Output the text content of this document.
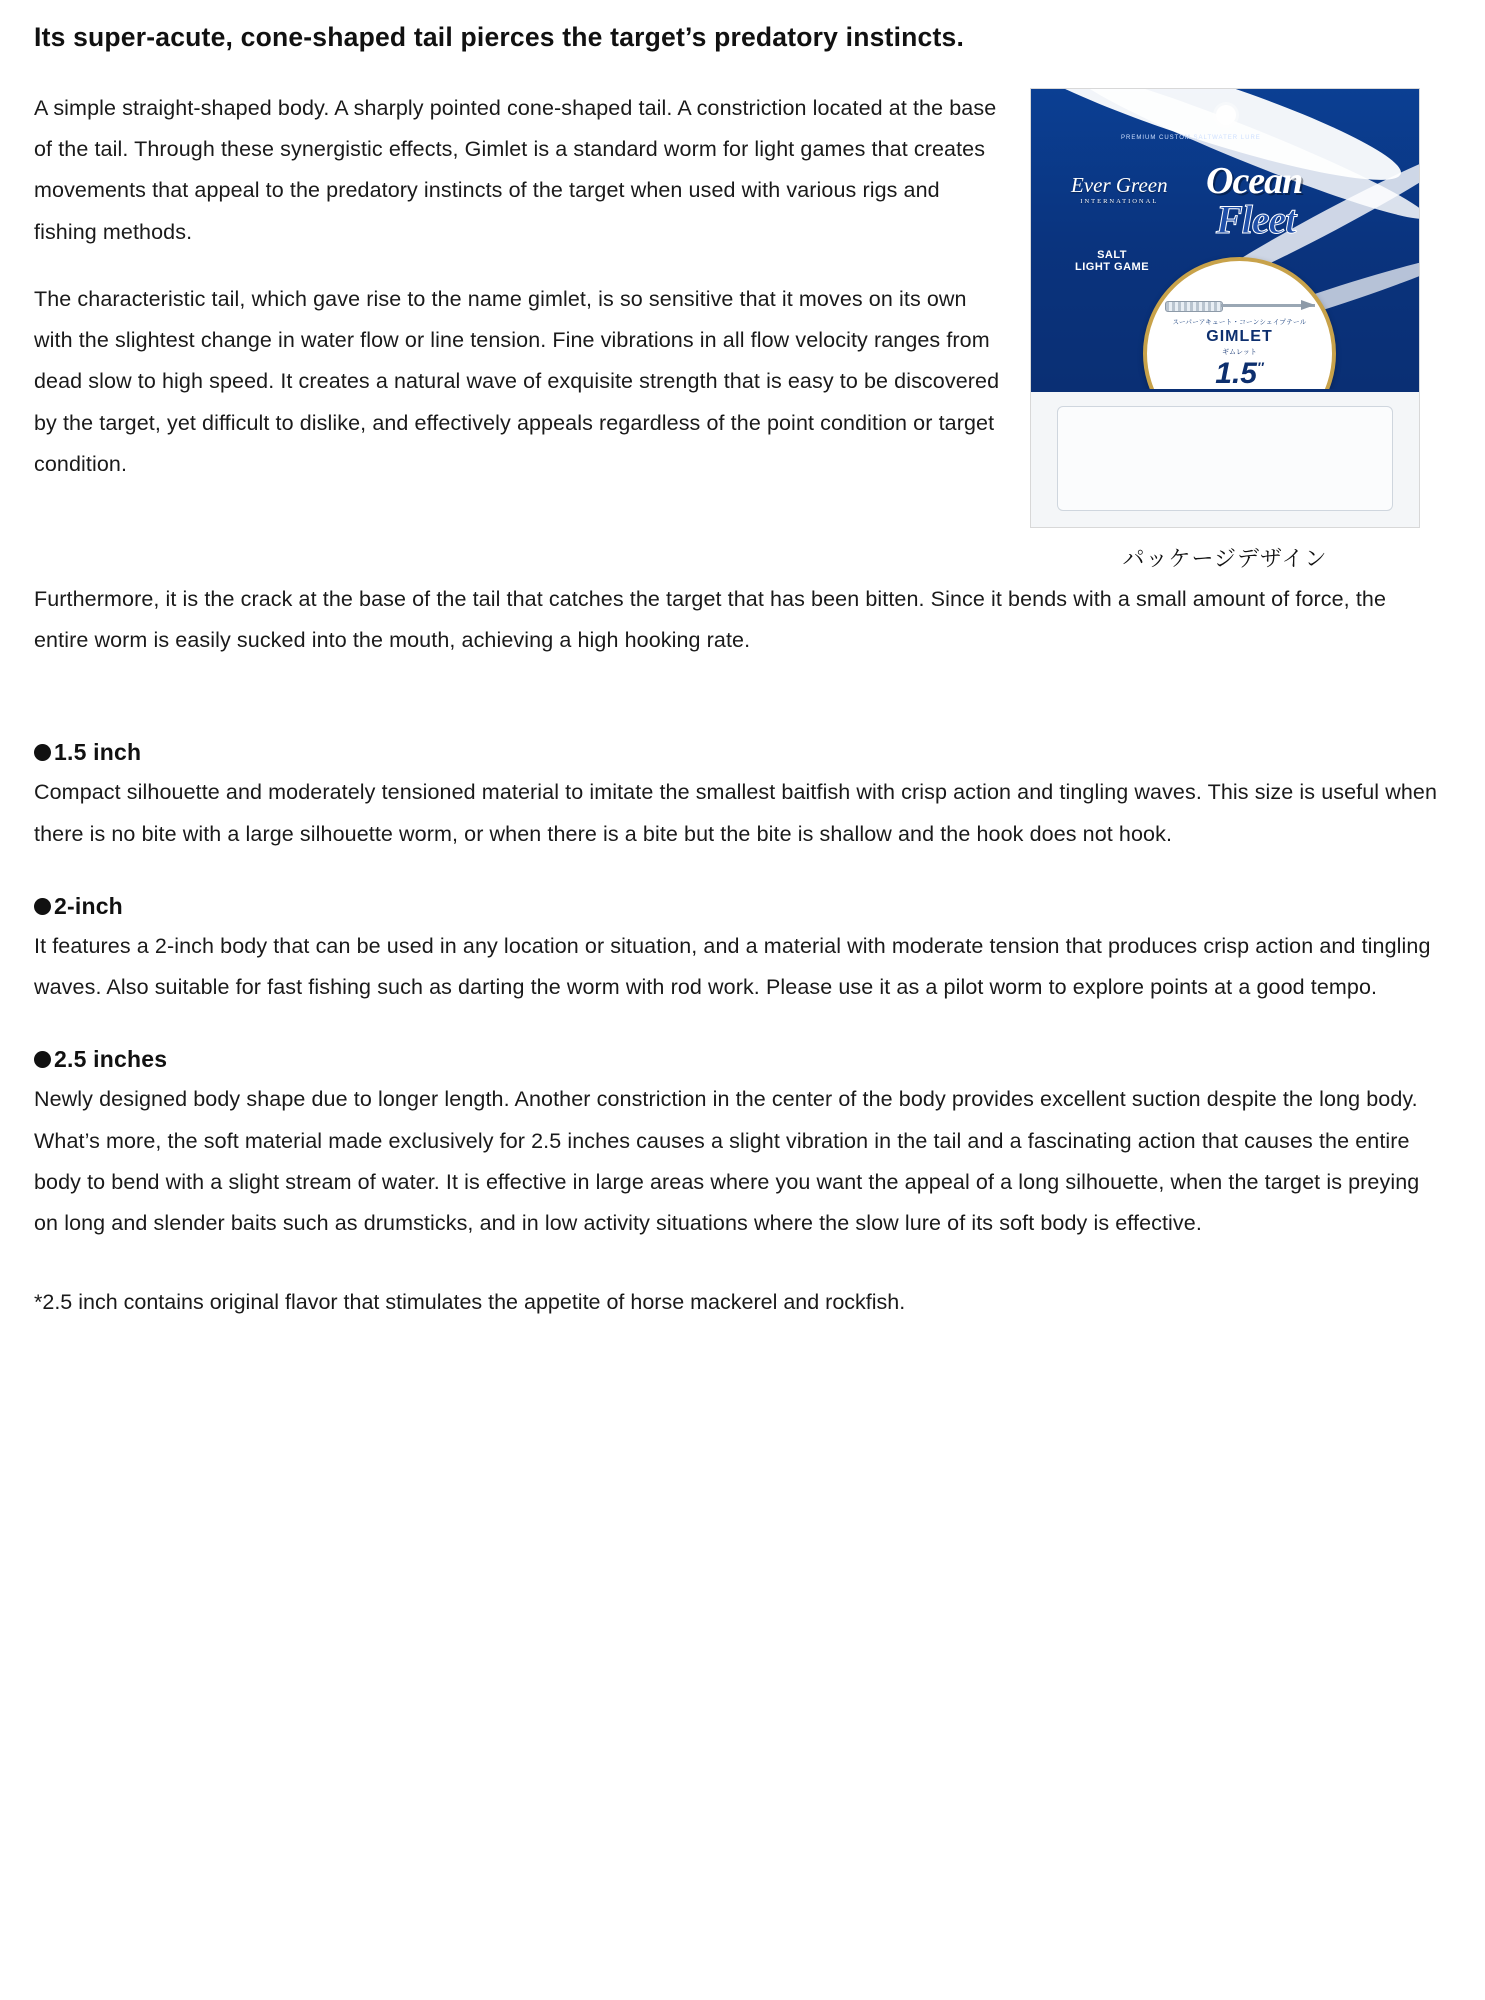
Its super-acute, cone-shaped tail pierces the target’s predatory instincts.
PREMIUM CUSTOM SALTWATER LURE
Ever Green
INTERNATIONAL Ocean
Fleet
SALT
LIGHT GAME
スーパーアキュート・コーンシェイプテール
GIMLET
ギムレット
1.5″
パッケージデザイン

A simple straight-shaped body. A sharply pointed cone-shaped tail. A constriction located at the base of the tail. Through these synergistic effects, Gimlet is a standard worm for light games that creates movements that appeal to the predatory instincts of the target when used with various rigs and fishing methods.

The characteristic tail, which gave rise to the name gimlet, is so sensitive that it moves on its own with the slightest change in water flow or line tension. Fine vibrations in all flow velocity ranges from dead slow to high speed. It creates a natural wave of exquisite strength that is easy to be discovered by the target, yet difficult to dislike, and effectively appeals regardless of the point condition or target condition.

Furthermore, it is the crack at the base of the tail that catches the target that has been bitten. Since it bends with a small amount of force, the entire worm is easily sucked into the mouth, achieving a high hooking rate.

1.5 inch

Compact silhouette and moderately tensioned material to imitate the smallest baitfish with crisp action and tingling waves. This size is useful when there is no bite with a large silhouette worm, or when there is a bite but the bite is shallow and the hook does not hook.

2-inch

It features a 2-inch body that can be used in any location or situation, and a material with moderate tension that produces crisp action and tingling waves. Also suitable for fast fishing such as darting the worm with rod work. Please use it as a pilot worm to explore points at a good tempo.

2.5 inches

Newly designed body shape due to longer length. Another constriction in the center of the body provides excellent suction despite the long body. What’s more, the soft material made exclusively for 2.5 inches causes a slight vibration in the tail and a fascinating action that causes the entire body to bend with a slight stream of water. It is effective in large areas where you want the appeal of a long silhouette, when the target is preying on long and slender baits such as drumsticks, and in low activity situations where the slow lure of its soft body is effective.

*2.5 inch contains original flavor that stimulates the appetite of horse mackerel and rockfish.
